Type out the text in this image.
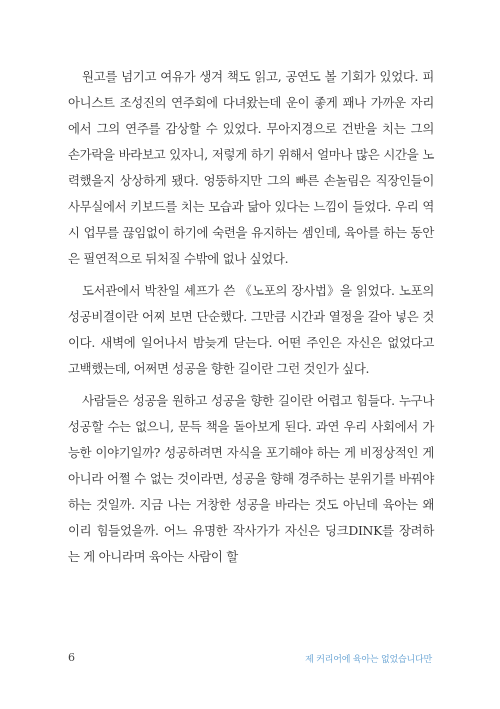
원고를 넘기고 여유가 생겨 책도 읽고, 공연도 볼 기회가 있었다. 피아니스트 조성진의 연주회에 다녀왔는데 운이 좋게 꽤나 가까운 자리에서 그의 연주를 감상할 수 있었다. 무아지경으로 건반을 치는 그의 손가락을 바라보고 있자니, 저렇게 하기 위해서 얼마나 많은 시간을 노력했을지 상상하게 됐다. 엉뚱하지만 그의 빠른 손놀림은 직장인들이 사무실에서 키보드를 치는 모습과 닮아 있다는 느낌이 들었다. 우리 역시 업무를 끊임없이 하기에 숙련을 유지하는 셈인데, 육아를 하는 동안은 필연적으로 뒤처질 수밖에 없나 싶었다.

도서관에서 박찬일 셰프가 쓴 《노포의 장사법》을 읽었다. 노포의 성공비결이란 어찌 보면 단순했다. 그만큼 시간과 열정을 갈아 넣은 것이다. 새벽에 일어나서 밤늦게 닫는다. 어떤 주인은 자신은 없었다고 고백했는데, 어쩌면 성공을 향한 길이란 그런 것인가 싶다.

사람들은 성공을 원하고 성공을 향한 길이란 어렵고 힘들다. 누구나 성공할 수는 없으니, 문득 책을 돌아보게 된다. 과연 우리 사회에서 가능한 이야기일까? 성공하려면 자식을 포기해야 하는 게 비정상적인 게 아니라 어쩔 수 없는 것이라면, 성공을 향해 경주하는 분위기를 바꿔야 하는 것일까. 지금 나는 거창한 성공을 바라는 것도 아닌데 육아는 왜 이리 힘들었을까. 어느 유명한 작사가가 자신은 딩크DINK를 장려하는 게 아니라며 육아는 사람이 할

6	제 커리어에 육아는 없었습니다만
